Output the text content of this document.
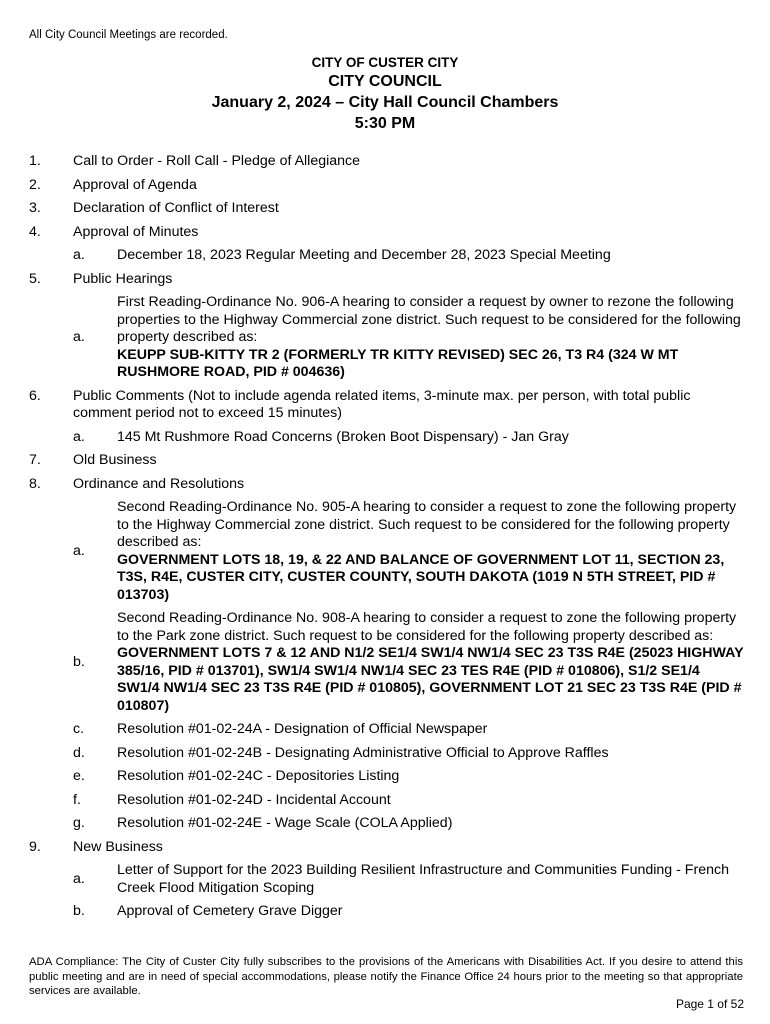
All City Council Meetings are recorded.
CITY OF CUSTER CITY
CITY COUNCIL
January 2, 2024 – City Hall Council Chambers
5:30 PM
1.	Call to Order - Roll Call - Pledge of Allegiance
2.	Approval of Agenda
3.	Declaration of Conflict of Interest
4.	Approval of Minutes
a.	December 18, 2023 Regular Meeting and December 28, 2023 Special Meeting
5.	Public Hearings
a.
First Reading-Ordinance No. 906-A hearing to consider a request by owner to rezone the following properties to the Highway Commercial zone district. Such request to be considered for the following property described as:
KEUPP SUB-KITTY TR 2 (FORMERLY TR KITTY REVISED) SEC 26, T3 R4 (324 W MT RUSHMORE ROAD, PID # 004636)
6.	Public Comments (Not to include agenda related items, 3-minute max. per person, with total public comment period not to exceed 15 minutes)
a.	145 Mt Rushmore Road Concerns (Broken Boot Dispensary) - Jan Gray
7.	Old Business
8.	Ordinance and Resolutions
a.
Second Reading-Ordinance No. 905-A hearing to consider a request to zone the following property to the Highway Commercial zone district. Such request to be considered for the following property described as:
GOVERNMENT LOTS 18, 19, & 22 AND BALANCE OF GOVERNMENT LOT 11, SECTION 23, T3S, R4E, CUSTER CITY, CUSTER COUNTY, SOUTH DAKOTA (1019 N 5TH STREET, PID # 013703)
b.
Second Reading-Ordinance No. 908-A hearing to consider a request to zone the following property to the Park zone district. Such request to be considered for the following property described as:
GOVERNMENT LOTS 7 & 12 AND N1/2 SE1/4 SW1/4 NW1/4 SEC 23 T3S R4E (25023 HIGHWAY 385/16, PID # 013701), SW1/4 SW1/4 NW1/4 SEC 23 TES R4E (PID # 010806), S1/2 SE1/4 SW1/4 NW1/4 SEC 23 T3S R4E (PID # 010805), GOVERNMENT LOT 21 SEC 23 T3S R4E (PID # 010807)
c.	Resolution #01-02-24A - Designation of Official Newspaper
d.	Resolution #01-02-24B - Designating Administrative Official to Approve Raffles
e.	Resolution #01-02-24C - Depositories Listing
f.	Resolution #01-02-24D - Incidental Account
g.	Resolution #01-02-24E - Wage Scale (COLA Applied)
9.	New Business
a.
Letter of Support for the 2023 Building Resilient Infrastructure and Communities Funding - French Creek Flood Mitigation Scoping
b.	Approval of Cemetery Grave Digger
ADA Compliance: The City of Custer City fully subscribes to the provisions of the Americans with Disabilities Act. If you desire to attend this public meeting and are in need of special accommodations, please notify the Finance Office 24 hours prior to the meeting so that appropriate services are available.
Page 1 of 52
